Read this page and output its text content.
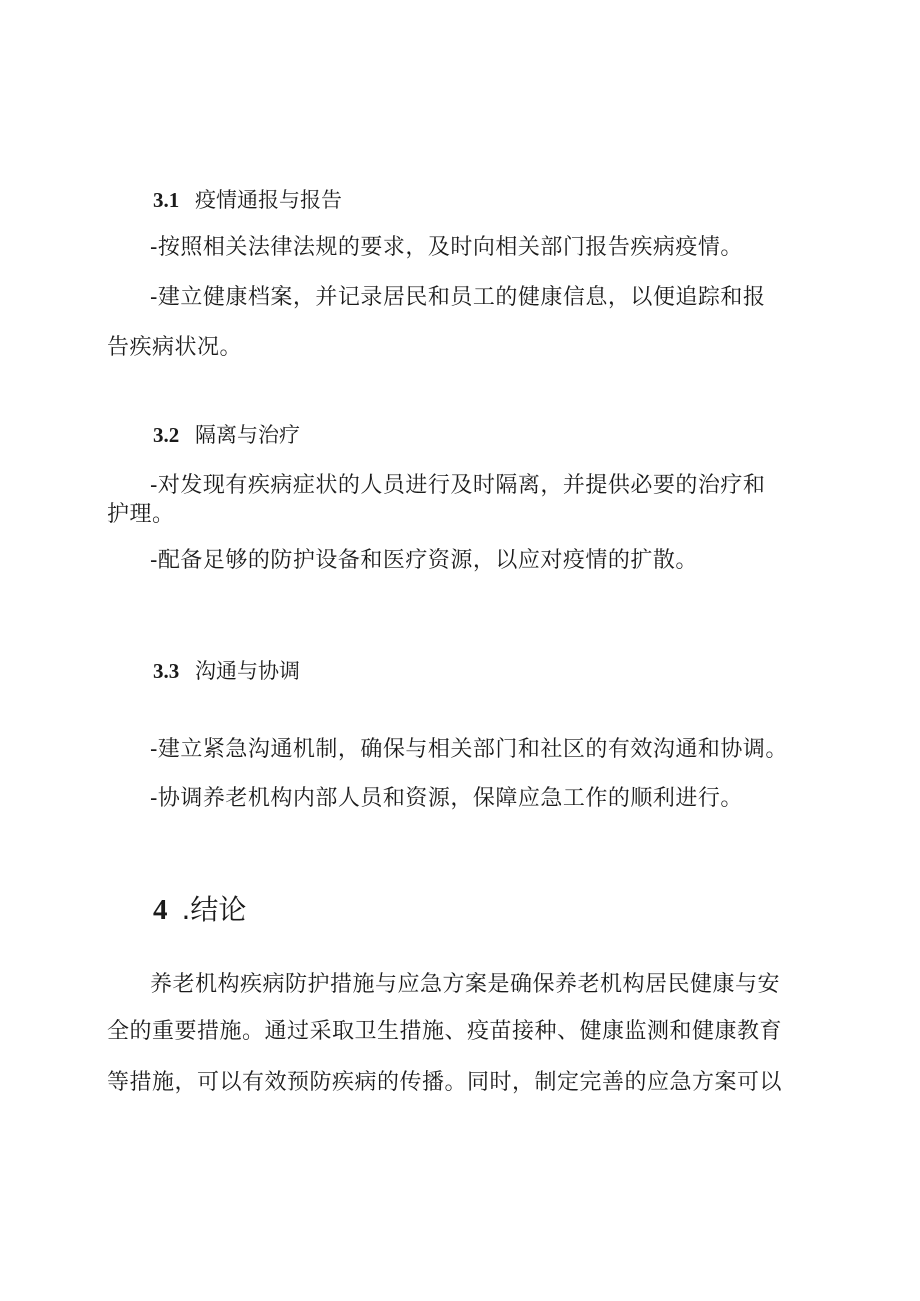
3.1 疫情通报与报告
-按照相关法律法规的要求，及时向相关部门报告疾病疫情。
-建立健康档案，并记录居民和员工的健康信息，以便追踪和报
告疾病状况。
3.2 隔离与治疗
-对发现有疾病症状的人员进行及时隔离，并提供必要的治疗和
护理。
-配备足够的防护设备和医疗资源，以应对疫情的扩散。
3.3 沟通与协调
-建立紧急沟通机制，确保与相关部门和社区的有效沟通和协调。
-协调养老机构内部人员和资源，保障应急工作的顺利进行。
4 .结论
养老机构疾病防护措施与应急方案是确保养老机构居民健康与安
全的重要措施。通过采取卫生措施、疫苗接种、健康监测和健康教育
等措施，可以有效预防疾病的传播。同时，制定完善的应急方案可以
